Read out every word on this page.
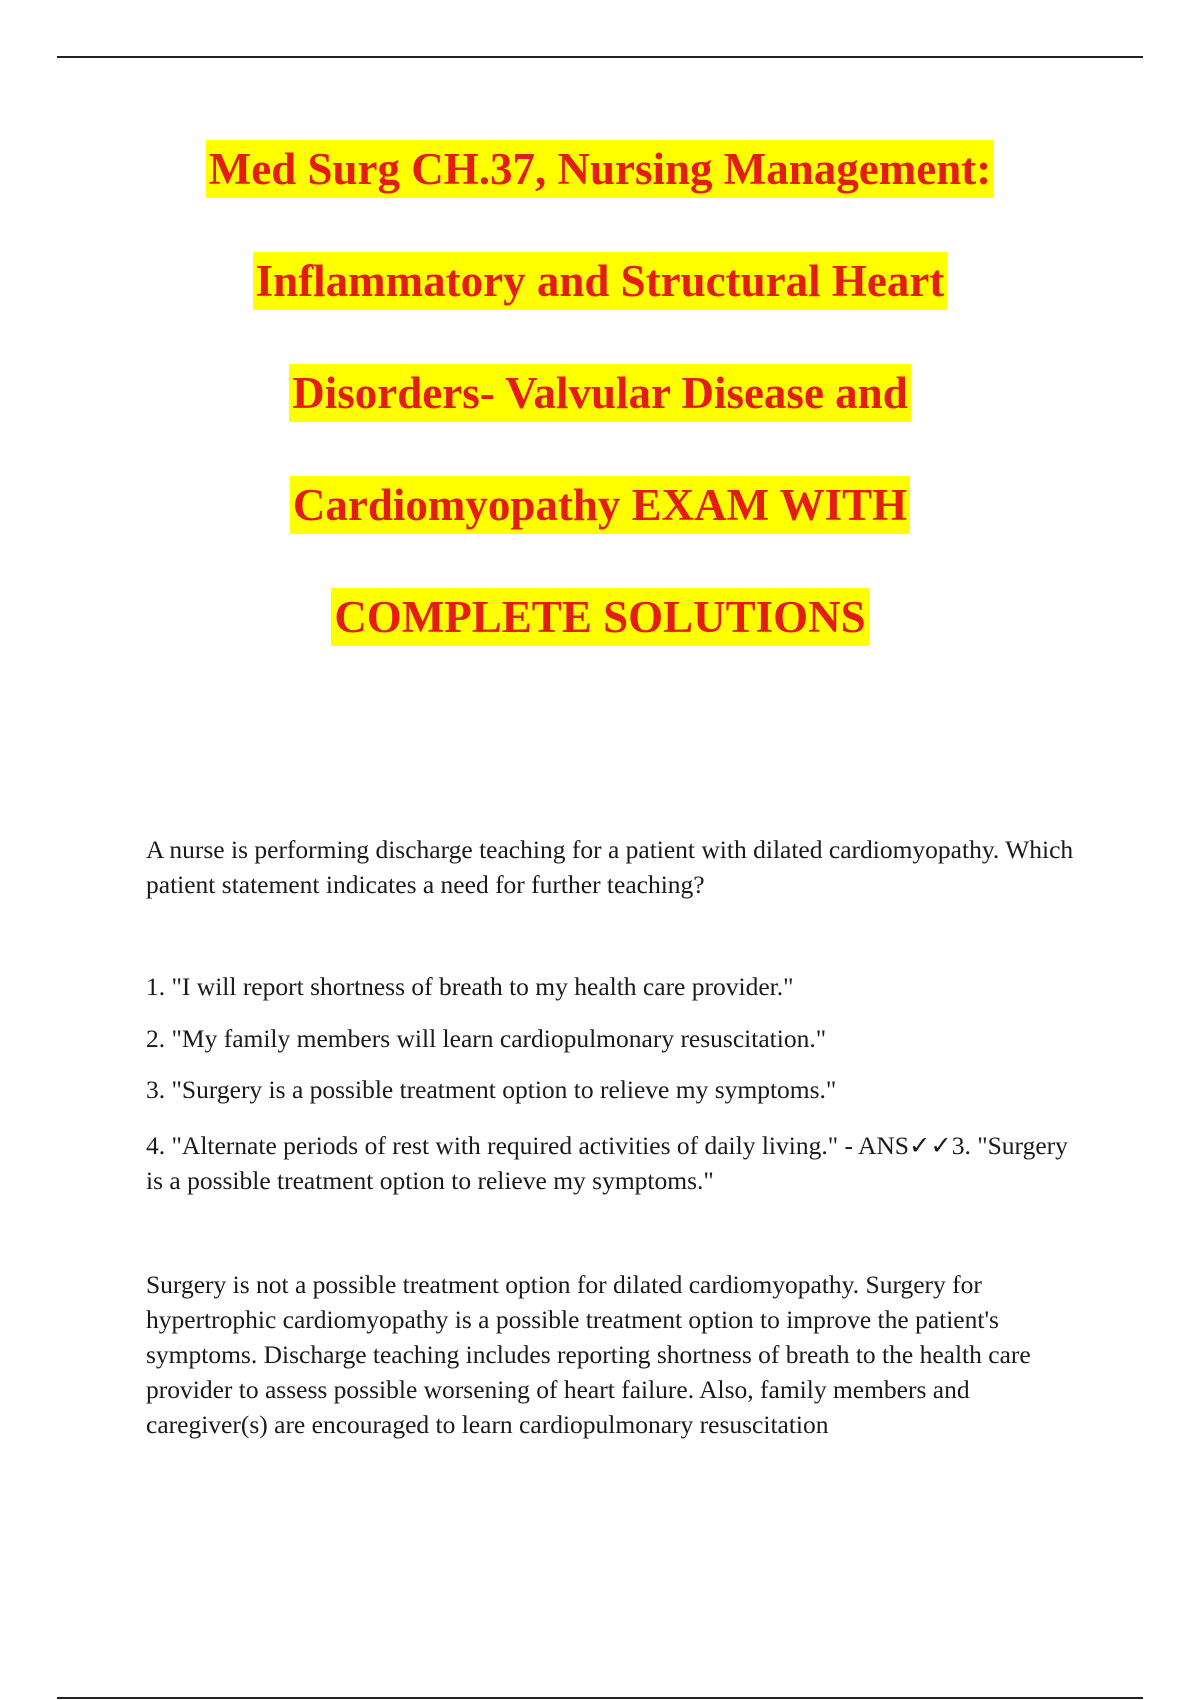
Med Surg CH.37, Nursing Management:
Inflammatory and Structural Heart
Disorders- Valvular Disease and
Cardiomyopathy EXAM WITH
COMPLETE SOLUTIONS

A nurse is performing discharge teaching for a patient with dilated cardiomyopathy. Which patient statement indicates a need for further teaching?

1. "I will report shortness of breath to my health care provider."
2. "My family members will learn cardiopulmonary resuscitation."
3. "Surgery is a possible treatment option to relieve my symptoms."
4. "Alternate periods of rest with required activities of daily living." - ANS✓✓3. "Surgery is a possible treatment option to relieve my symptoms."

Surgery is not a possible treatment option for dilated cardiomyopathy. Surgery for hypertrophic cardiomyopathy is a possible treatment option to improve the patient's symptoms. Discharge teaching includes reporting shortness of breath to the health care provider to assess possible worsening of heart failure. Also, family members and caregiver(s) are encouraged to learn cardiopulmonary resuscitation
